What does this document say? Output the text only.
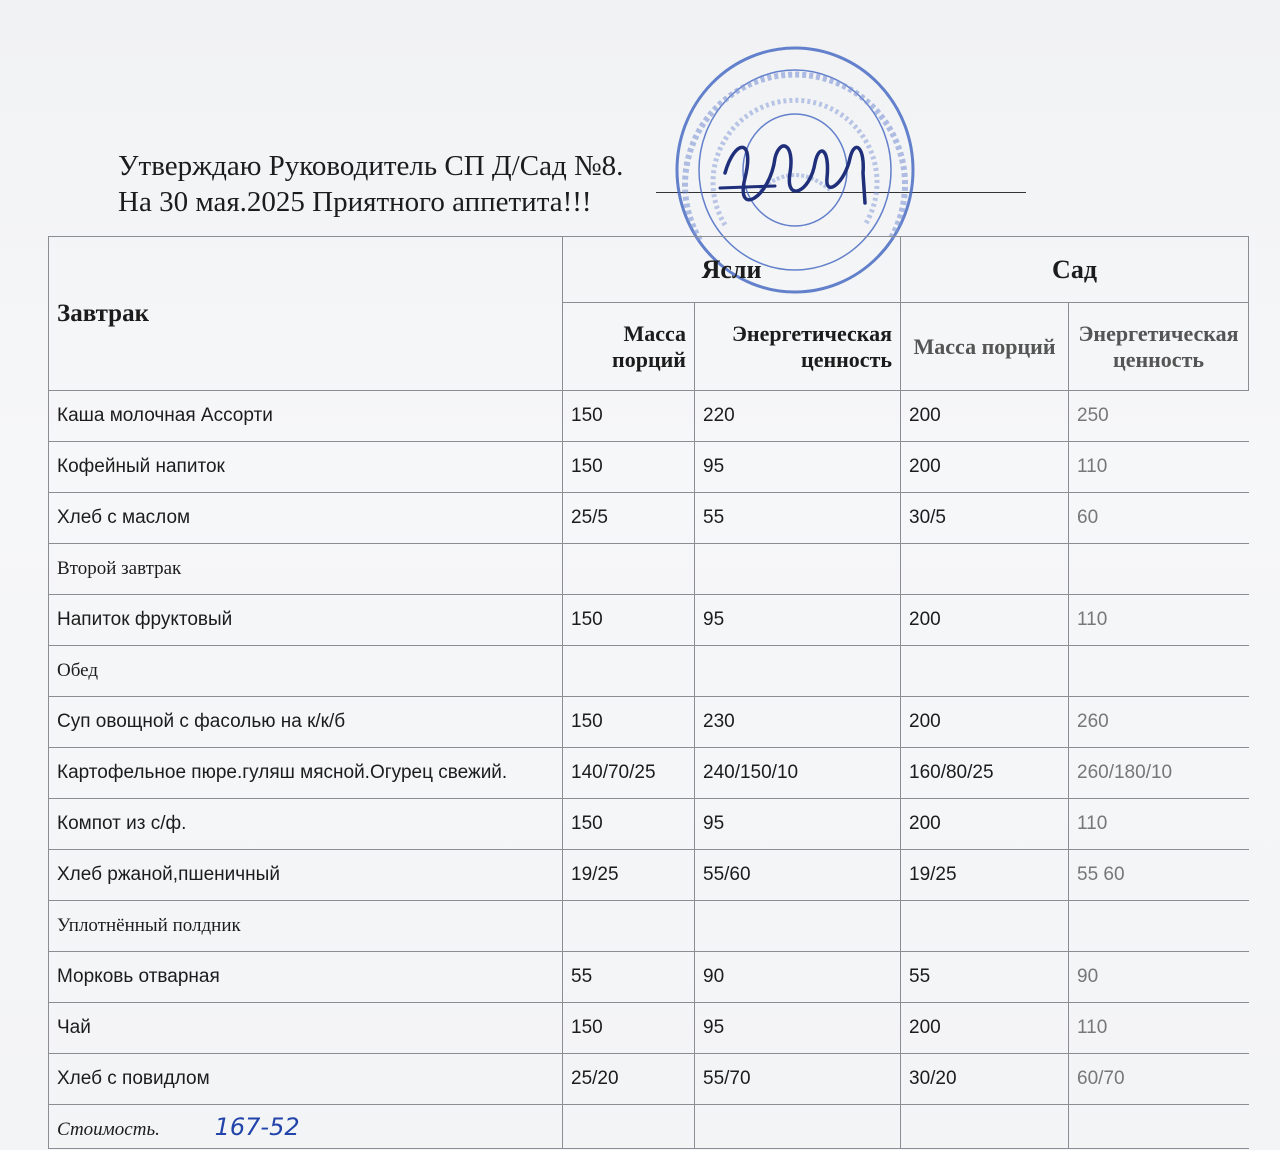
Утверждаю Руководитель СП Д/Сад №8.
На 30 мая.2025 Приятного аппетита!!!
Завтрак	Ясли		Сад	
	Масса порций	Энергетическая ценность	Масса порций	Энергетическая ценность
Каша молочная Ассорти	150	220	200	250
Кофейный напиток	150	95	200	110
Хлеб с маслом	25/5	55	30/5	60
Второй завтрак				
Напиток фруктовый	150	95	200	110
Обед				
Суп овощной с фасолью на к/к/б	150	230	200	260
Картофельное пюре.гуляш мясной.Огурец свежий.	140/70/25	240/150/10	160/80/25	260/180/10
Компот из с/ф.	150	95	200	110
Хлеб ржаной,пшеничный	19/25	55/60	19/25	55 60
Уплотнённый полдник				
Морковь отварная	55	90	55	90
Чай	150	95	200	110
Хлеб с повидлом	25/20	55/70	30/20	60/70
Стоимость. 167-52				
